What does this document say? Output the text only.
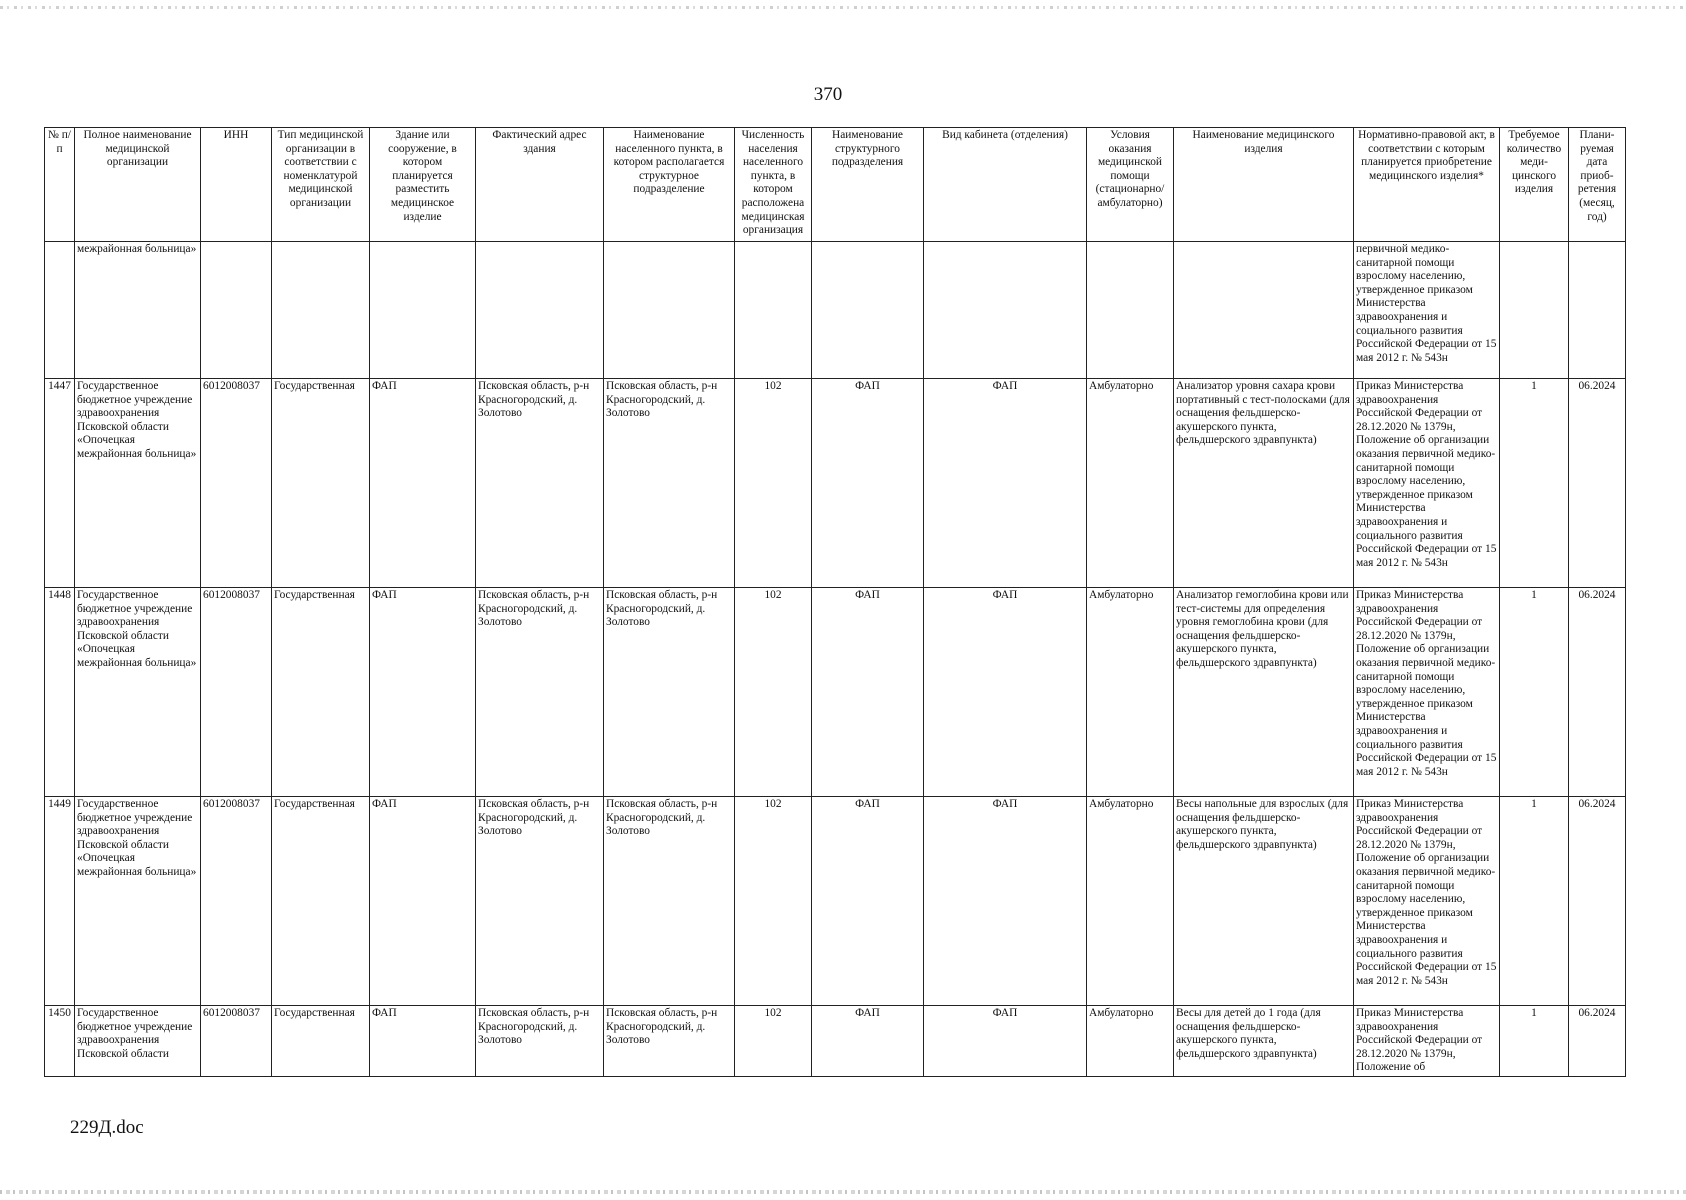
370
№ п/п	Полное наименование медицинской организации	ИНН	Тип медицинской организации в соответствии с номенклатурой медицинской организации	Здание или сооружение, в котором планируется разместить медицинское изделие	Фактический адрес здания	Наименование населенного пункта, в котором располагается структурное подразделение	Численность населения населенного пункта, в котором расположена медицинская организация	Наименование структурного подразделения	Вид кабинета (отделения)	Условия оказания медицинской помощи (стационарно/ амбулаторно)	Наименование медицинского изделия	Нормативно-правовой акт, в соответствии с которым планируется приобретение медицинского изделия*	Требуемое количество меди-цинского изделия	Плани-руемая дата приоб-ретения (месяц, год)
	межрайонная больница»											первичной медико-санитарной помощи взрослому населению, утвержденное приказом Министерства здравоохранения и социального развития Российской Федерации от 15 мая 2012 г. № 543н		
1447	Государственное бюджетное учреждение здравоохранения Псковской области «Опочецкая межрайонная больница»	6012008037	Государственная	ФАП	Псковская область, р-н Красногородский, д. Золотово	Псковская область, р-н Красногородский, д. Золотово	102	ФАП	ФАП	Амбулаторно	Анализатор уровня сахара крови портативный с тест-полосками (для оснащения фельдшерско-акушерского пункта, фельдшерского здравпункта)	Приказ Министерства здравоохранения Российской Федерации от 28.12.2020 № 1379н, Положение об организации оказания первичной медико-санитарной помощи взрослому населению, утвержденное приказом Министерства здравоохранения и социального развития Российской Федерации от 15 мая 2012 г. № 543н	1	06.2024
1448	Государственное бюджетное учреждение здравоохранения Псковской области «Опочецкая межрайонная больница»	6012008037	Государственная	ФАП	Псковская область, р-н Красногородский, д. Золотово	Псковская область, р-н Красногородский, д. Золотово	102	ФАП	ФАП	Амбулаторно	Анализатор гемоглобина крови или тест-системы для определения уровня гемоглобина крови (для оснащения фельдшерско-акушерского пункта, фельдшерского здравпункта)	Приказ Министерства здравоохранения Российской Федерации от 28.12.2020 № 1379н, Положение об организации оказания первичной медико-санитарной помощи взрослому населению, утвержденное приказом Министерства здравоохранения и социального развития Российской Федерации от 15 мая 2012 г. № 543н	1	06.2024
1449	Государственное бюджетное учреждение здравоохранения Псковской области «Опочецкая межрайонная больница»	6012008037	Государственная	ФАП	Псковская область, р-н Красногородский, д. Золотово	Псковская область, р-н Красногородский, д. Золотово	102	ФАП	ФАП	Амбулаторно	Весы напольные для взрослых (для оснащения фельдшерско-акушерского пункта, фельдшерского здравпункта)	Приказ Министерства здравоохранения Российской Федерации от 28.12.2020 № 1379н, Положение об организации оказания первичной медико-санитарной помощи взрослому населению, утвержденное приказом Министерства здравоохранения и социального развития Российской Федерации от 15 мая 2012 г. № 543н	1	06.2024
1450	Государственное бюджетное учреждение здравоохранения Псковской области	6012008037	Государственная	ФАП	Псковская область, р-н Красногородский, д. Золотово	Псковская область, р-н Красногородский, д. Золотово	102	ФАП	ФАП	Амбулаторно	Весы для детей до 1 года (для оснащения фельдшерско-акушерского пункта, фельдшерского здравпункта)	Приказ Министерства здравоохранения Российской Федерации от 28.12.2020 № 1379н, Положение об	1	06.2024
229Д.doc
